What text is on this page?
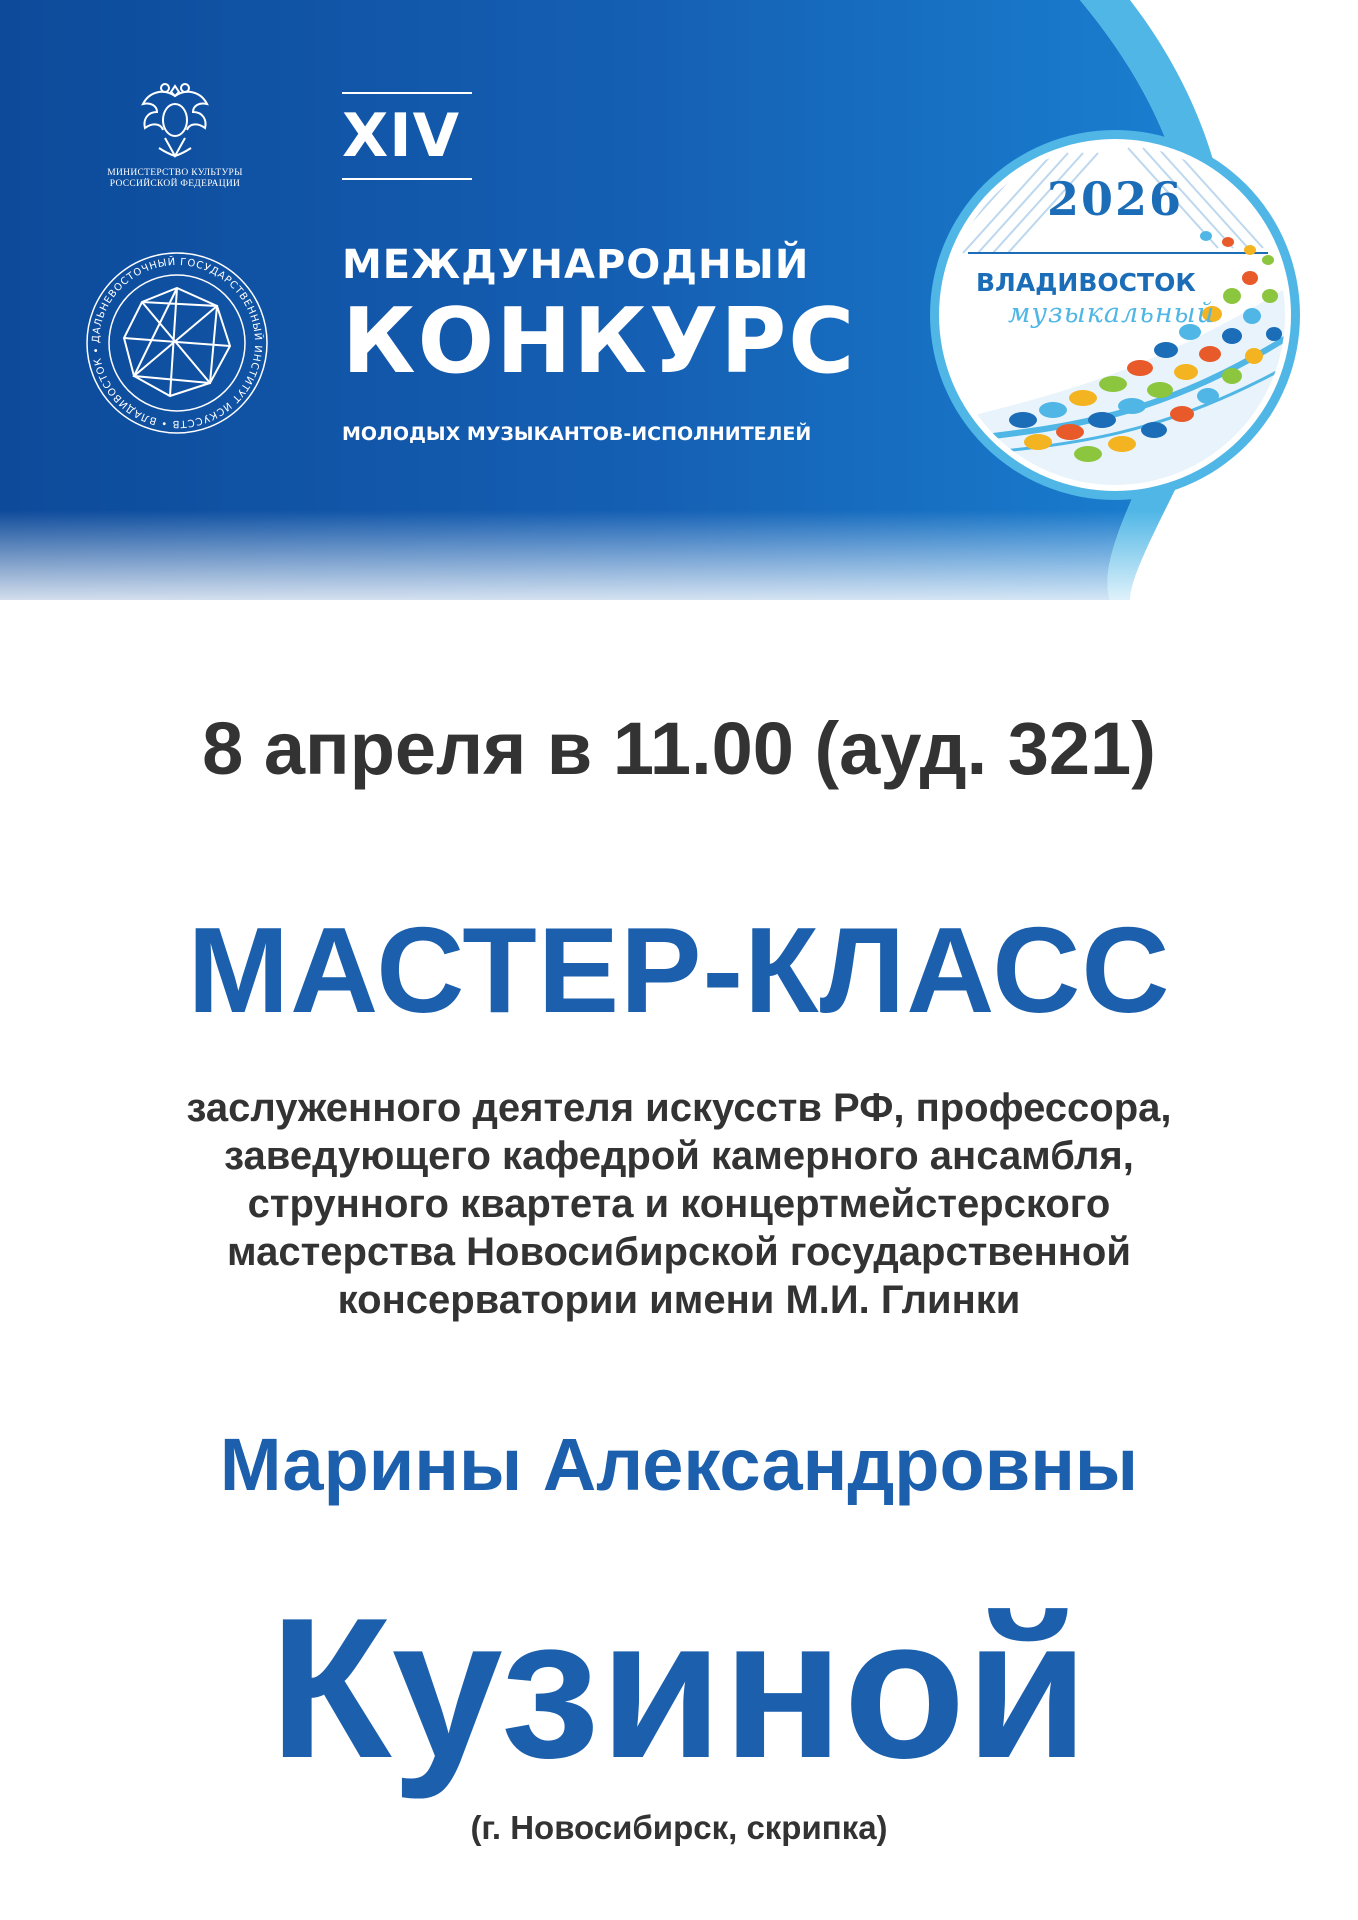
МИНИСТЕРСТВО КУЛЬТУРЫ
РОССИЙСКОЙ ФЕДЕРАЦИИ
ДАЛЬНЕВОСТОЧНЫЙ ГОСУДАРСТВЕННЫЙ ИНСТИТУТ ИСКУССТВ • ВЛАДИВОСТОК •
XIV
МЕЖДУНАРОДНЫЙ
КОНКУРС
МОЛОДЫХ МУЗЫКАНТОВ-ИСПОЛНИТЕЛЕЙ
2026
ВЛАДИВОСТОК
музыкальный
8 апреля в 11.00 (ауд. 321)
МАСТЕР-КЛАСС
заслуженного деятеля искусств РФ, профессора,
заведующего кафедрой камерного ансамбля,
струнного квартета и концертмейстерского
мастерства Новосибирской государственной
консерватории имени М.И. Глинки
Марины Александровны
Кузиной
(г. Новосибирск, скрипка)
